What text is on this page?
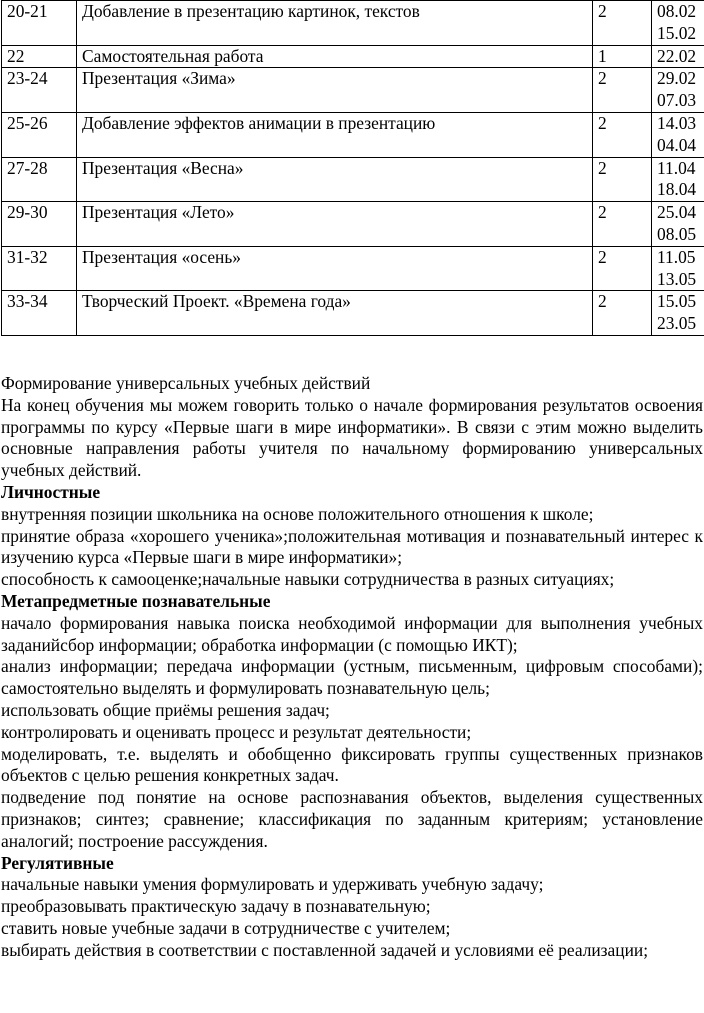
20-21	Добавление в презентацию картинок, текстов	2	08.02
15.02

22	Самостоятельная работа	1	22.02

23-24	Презентация «Зима»	2	29.02
07.03

25-26	Добавление эффектов анимации в презентацию	2	14.03
04.04

27-28	Презентация «Весна»	2	11.04
18.04

29-30	Презентация «Лето»	2	25.04
08.05

31-32	Презентация «осень»	2	11.05
13.05

33-34	Творческий Проект. «Времена года»	2	15.05
23.05

Формирование универсальных учебных действий

На конец обучения мы можем говорить только о начале формирования результатов освоения программы по курсу «Первые шаги в мире информатики». В связи с этим можно выделить основные направления работы учителя по начальному формированию универсальных учебных действий.

Личностные

внутренняя позиции школьника на основе положительного отношения к школе;

принятие образа «хорошего ученика»;положительная мотивация и познавательный интерес к изучению курса «Первые шаги в мире информатики»;

способность к самооценке;начальные навыки сотрудничества в разных ситуациях;

Метапредметные познавательные

начало формирования навыка поиска необходимой информации для выполнения учебных заданийсбор информации; обработка информации (с помощью ИКТ);

анализ информации; передача информации (устным, письменным, цифровым способами); самостоятельно выделять и формулировать познавательную цель;

использовать общие приёмы решения задач;

контролировать и оценивать процесс и результат деятельности;

моделировать, т.е. выделять и обобщенно фиксировать группы существенных признаков объектов с целью решения конкретных задач.

подведение под понятие на основе распознавания объектов, выделения существенных признаков; синтез; сравнение; классификация по заданным критериям; установление аналогий; построение рассуждения.

Регулятивные

начальные навыки умения формулировать и удерживать учебную задачу;

преобразовывать практическую задачу в познавательную;

ставить новые учебные задачи в сотрудничестве с учителем;

выбирать действия в соответствии с поставленной задачей и условиями её реализации;
